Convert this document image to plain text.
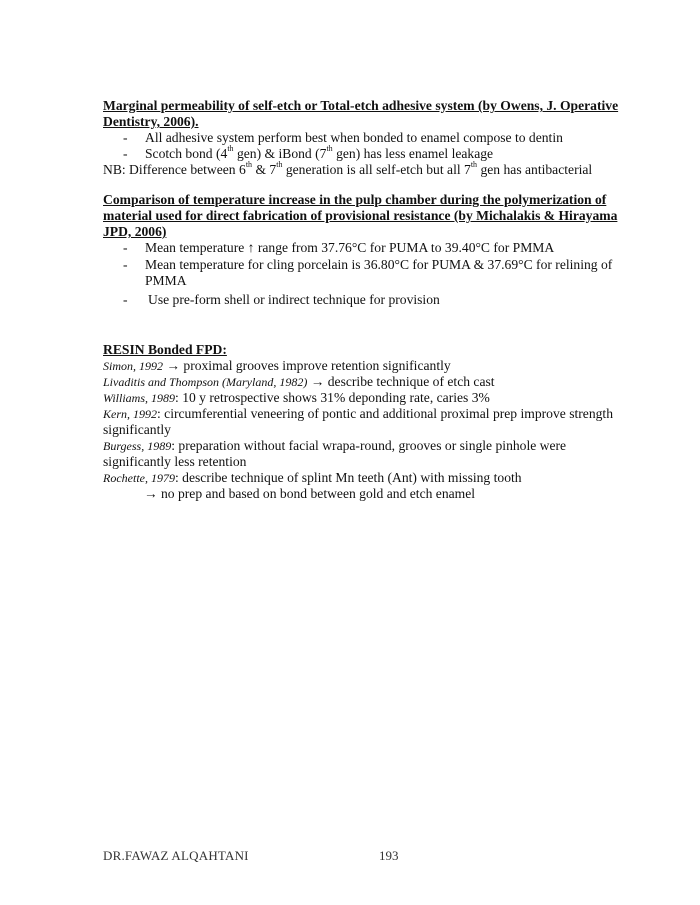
Marginal permeability of self-etch or Total-etch adhesive system (by Owens, J. Operative Dentistry, 2006).

- All adhesive system perform best when bonded to enamel compose to dentin
- Scotch bond (4th gen) & iBond (7th gen) has less enamel leakage

NB: Difference between 6th & 7th generation is all self-etch but all 7th gen has antibacterial

Comparison of temperature increase in the pulp chamber during the polymerization of material used for direct fabrication of provisional resistance (by Michalakis & Hirayama JPD, 2006)

- Mean temperature ↑ range from 37.76°C for PUMA to 39.40°C for PMMA
- Mean temperature for cling porcelain is 36.80°C for PUMA & 37.69°C for relining of PMMA
- Use pre-form shell or indirect technique for provision

RESIN Bonded FPD:

Simon, 1992 → proximal grooves improve retention significantly

Livaditis and Thompson (Maryland, 1982) → describe technique of etch cast

Williams, 1989: 10 y retrospective shows 31% deponding rate, caries 3%

Kern, 1992: circumferential veneering of pontic and additional proximal prep improve strength significantly

Burgess, 1989: preparation without facial wrapa-round, grooves or single pinhole were significantly less retention

Rochette, 1979: describe technique of splint Mn teeth (Ant) with missing tooth

→ no prep and based on bond between gold and etch enamel

DR.FAWAZ ALQAHTANI	193
